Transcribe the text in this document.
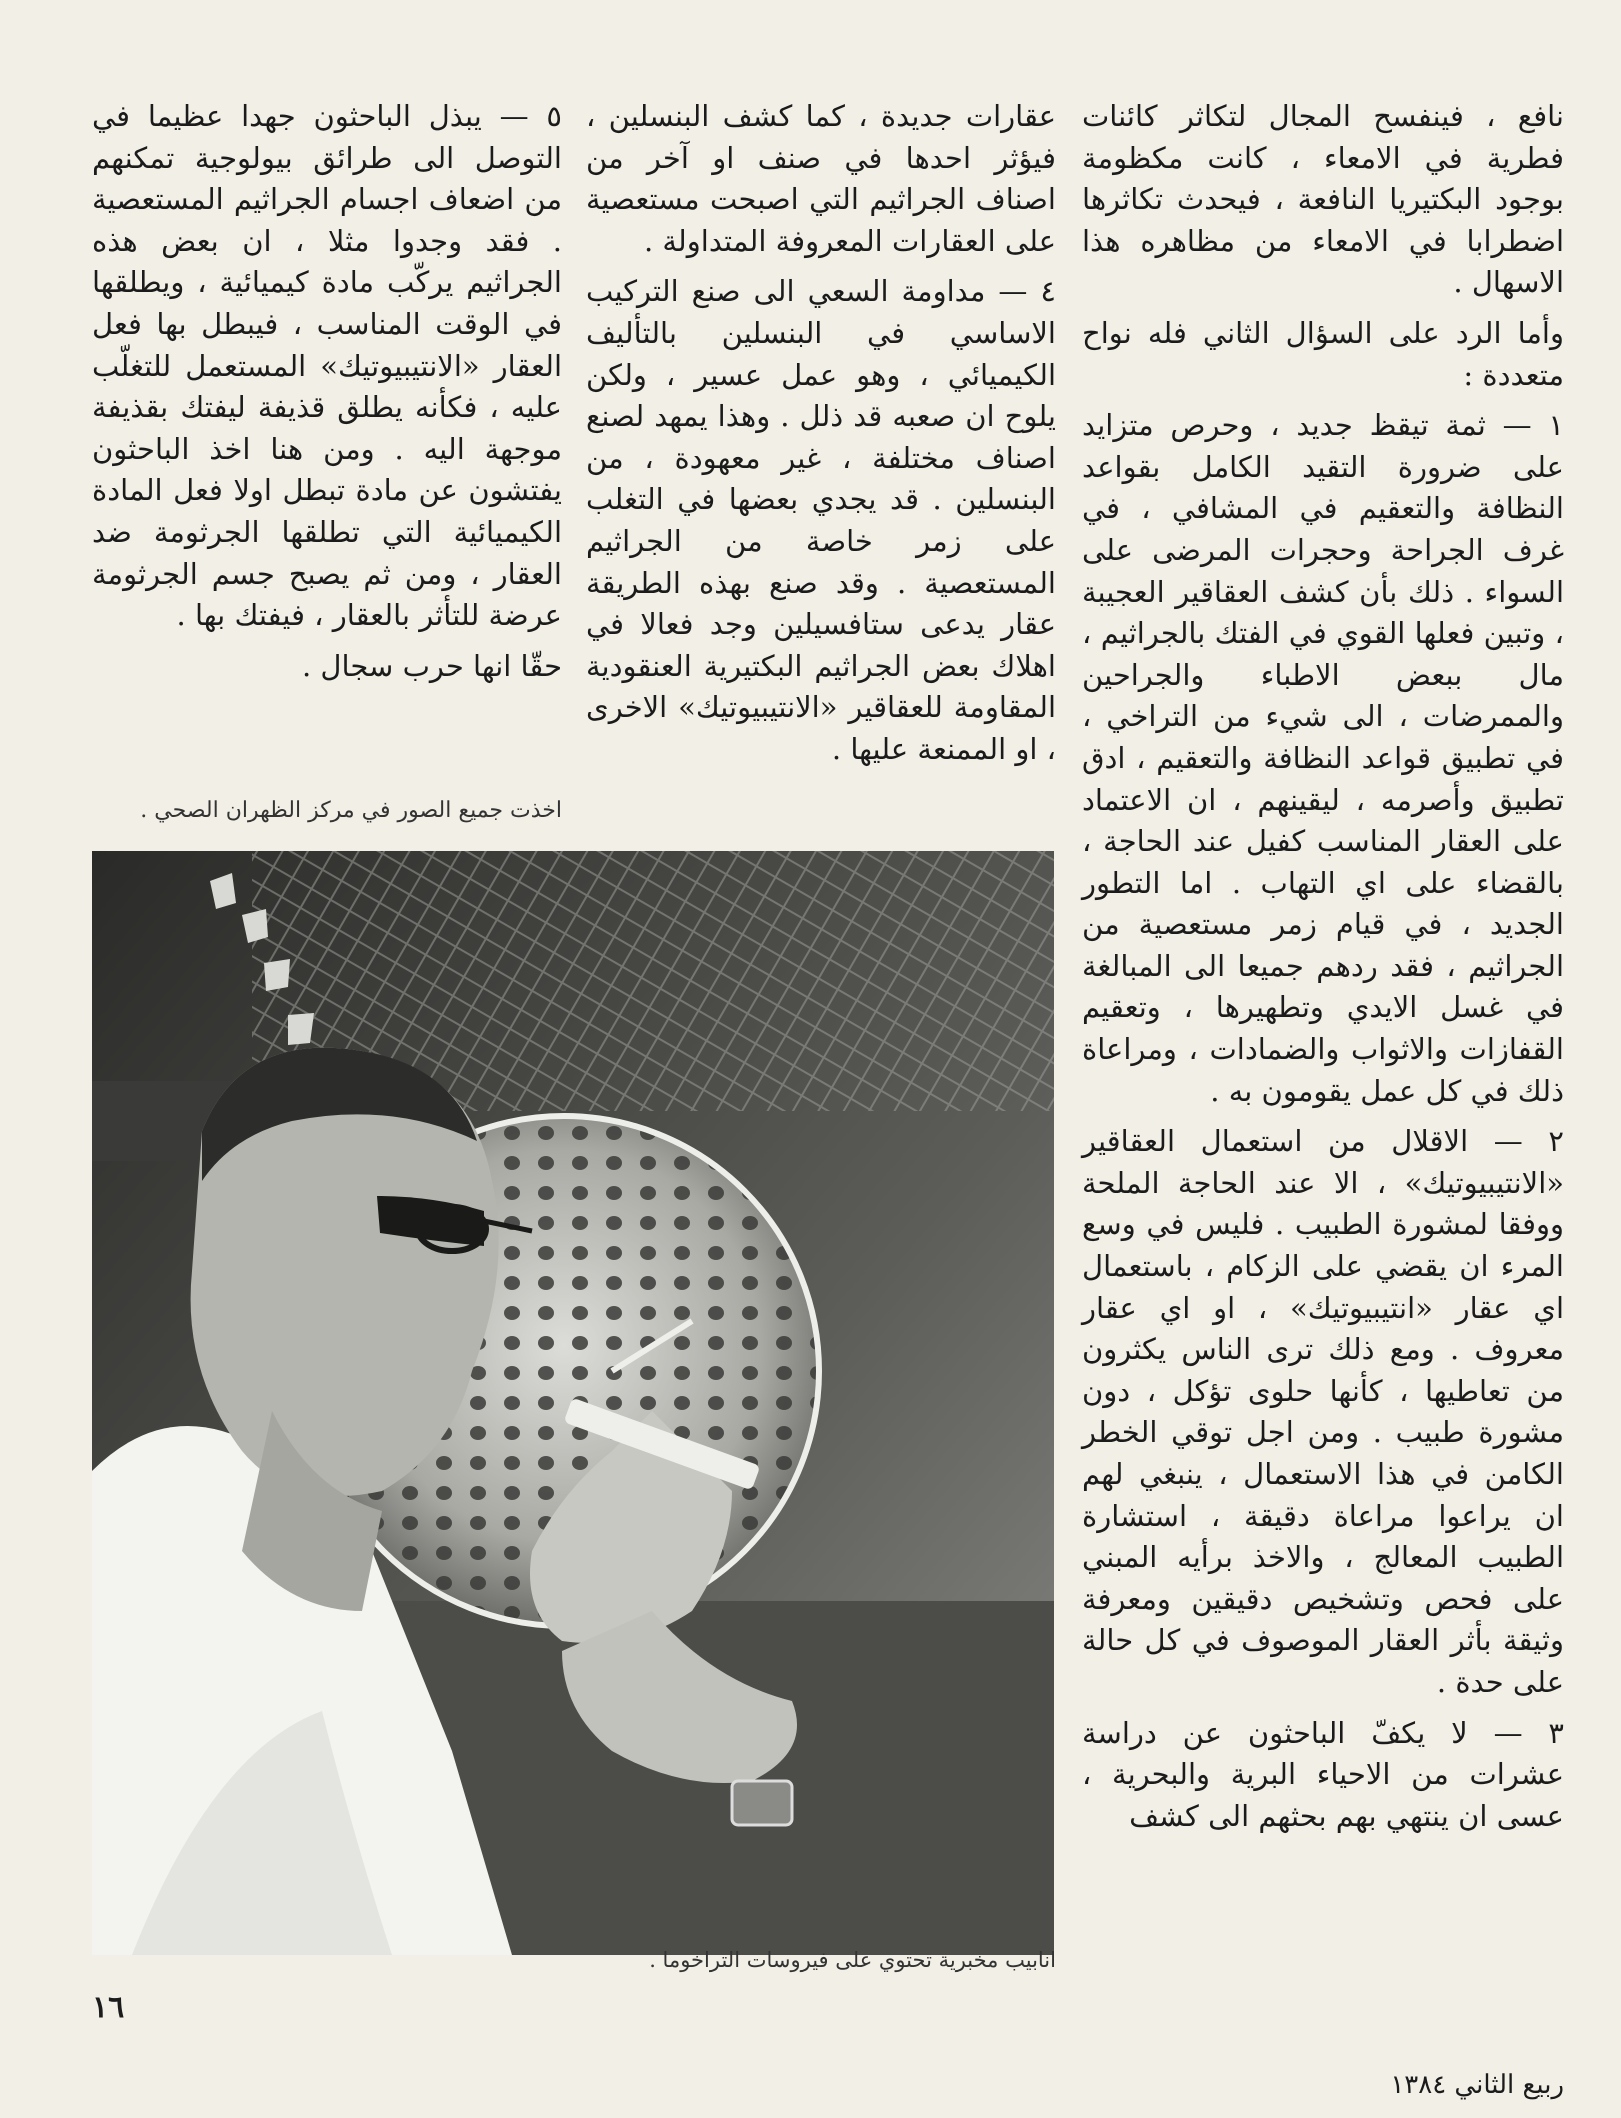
نافع ، فينفسح المجال لتكاثر كائنات فطرية في الامعاء ، كانت مكظومة بوجود البكتيريا النافعة ، فيحدث تكاثرها اضطرابا في الامعاء من مظاهره هذا الاسهال .

وأما الرد على السؤال الثاني فله نواح متعددة :

١ — ثمة تيقظ جديد ، وحرص متزايد على ضرورة التقيد الكامل بقواعد النظافة والتعقيم في المشافي ، في غرف الجراحة وحجرات المرضى على السواء . ذلك بأن كشف العقاقير العجيبة ، وتبين فعلها القوي في الفتك بالجراثيم ، مال ببعض الاطباء والجراحين والممرضات ، الى شيء من التراخي ، في تطبيق قواعد النظافة والتعقيم ، ادق تطبيق وأصرمه ، ليقينهم ، ان الاعتماد على العقار المناسب كفيل عند الحاجة ، بالقضاء على اي التهاب . اما التطور الجديد ، في قيام زمر مستعصية من الجراثيم ، فقد ردهم جميعا الى المبالغة في غسل الايدي وتطهيرها ، وتعقيم القفازات والاثواب والضمادات ، ومراعاة ذلك في كل عمل يقومون به .

٢ — الاقلال من استعمال العقاقير «الانتيبيوتيك» ، الا عند الحاجة الملحة ووفقا لمشورة الطبيب . فليس في وسع المرء ان يقضي على الزكام ، باستعمال اي عقار «انتيبيوتيك» ، او اي عقار معروف . ومع ذلك ترى الناس يكثرون من تعاطيها ، كأنها حلوى تؤكل ، دون مشورة طبيب . ومن اجل توقي الخطر الكامن في هذا الاستعمال ، ينبغي لهم ان يراعوا مراعاة دقيقة ، استشارة الطبيب المعالج ، والاخذ برأيه المبني على فحص وتشخيص دقيقين ومعرفة وثيقة بأثر العقار الموصوف في كل حالة على حدة .

٣ — لا يكفّ الباحثون عن دراسة عشرات من الاحياء البرية والبحرية ، عسى ان ينتهي بهم بحثهم الى كشف

عقارات جديدة ، كما كشف البنسلين ، فيؤثر احدها في صنف او آخر من اصناف الجراثيم التي اصبحت مستعصية على العقارات المعروفة المتداولة .

٤ — مداومة السعي الى صنع التركيب الاساسي في البنسلين بالتأليف الكيميائي ، وهو عمل عسير ، ولكن يلوح ان صعبه قد ذلل . وهذا يمهد لصنع اصناف مختلفة ، غير معهودة ، من البنسلين . قد يجدي بعضها في التغلب على زمر خاصة من الجراثيم المستعصية . وقد صنع بهذه الطريقة عقار يدعى ستافسيلين وجد فعالا في اهلاك بعض الجراثيم البكتيرية العنقودية المقاومة للعقاقير «الانتيبيوتيك» الاخرى ، او الممنعة عليها .

٥ — يبذل الباحثون جهدا عظيما في التوصل الى طرائق بيولوجية تمكنهم من اضعاف اجسام الجراثيم المستعصية . فقد وجدوا مثلا ، ان بعض هذه الجراثيم يركّب مادة كيميائية ، ويطلقها في الوقت المناسب ، فيبطل بها فعل العقار «الانتيبيوتيك» المستعمل للتغلّب عليه ، فكأنه يطلق قذيفة ليفتك بقذيفة موجهة اليه . ومن هنا اخذ الباحثون يفتشون عن مادة تبطل اولا فعل المادة الكيميائية التي تطلقها الجرثومة ضد العقار ، ومن ثم يصبح جسم الجرثومة عرضة للتأثر بالعقار ، فيفتك بها .

حقّا انها حرب سجال .

اخذت جميع الصور في مركز الظهران الصحي .
انابيب مخبرية تحتوي على فيروسات التراخوما .
١٦
ربيع الثاني ١٣٨٤
